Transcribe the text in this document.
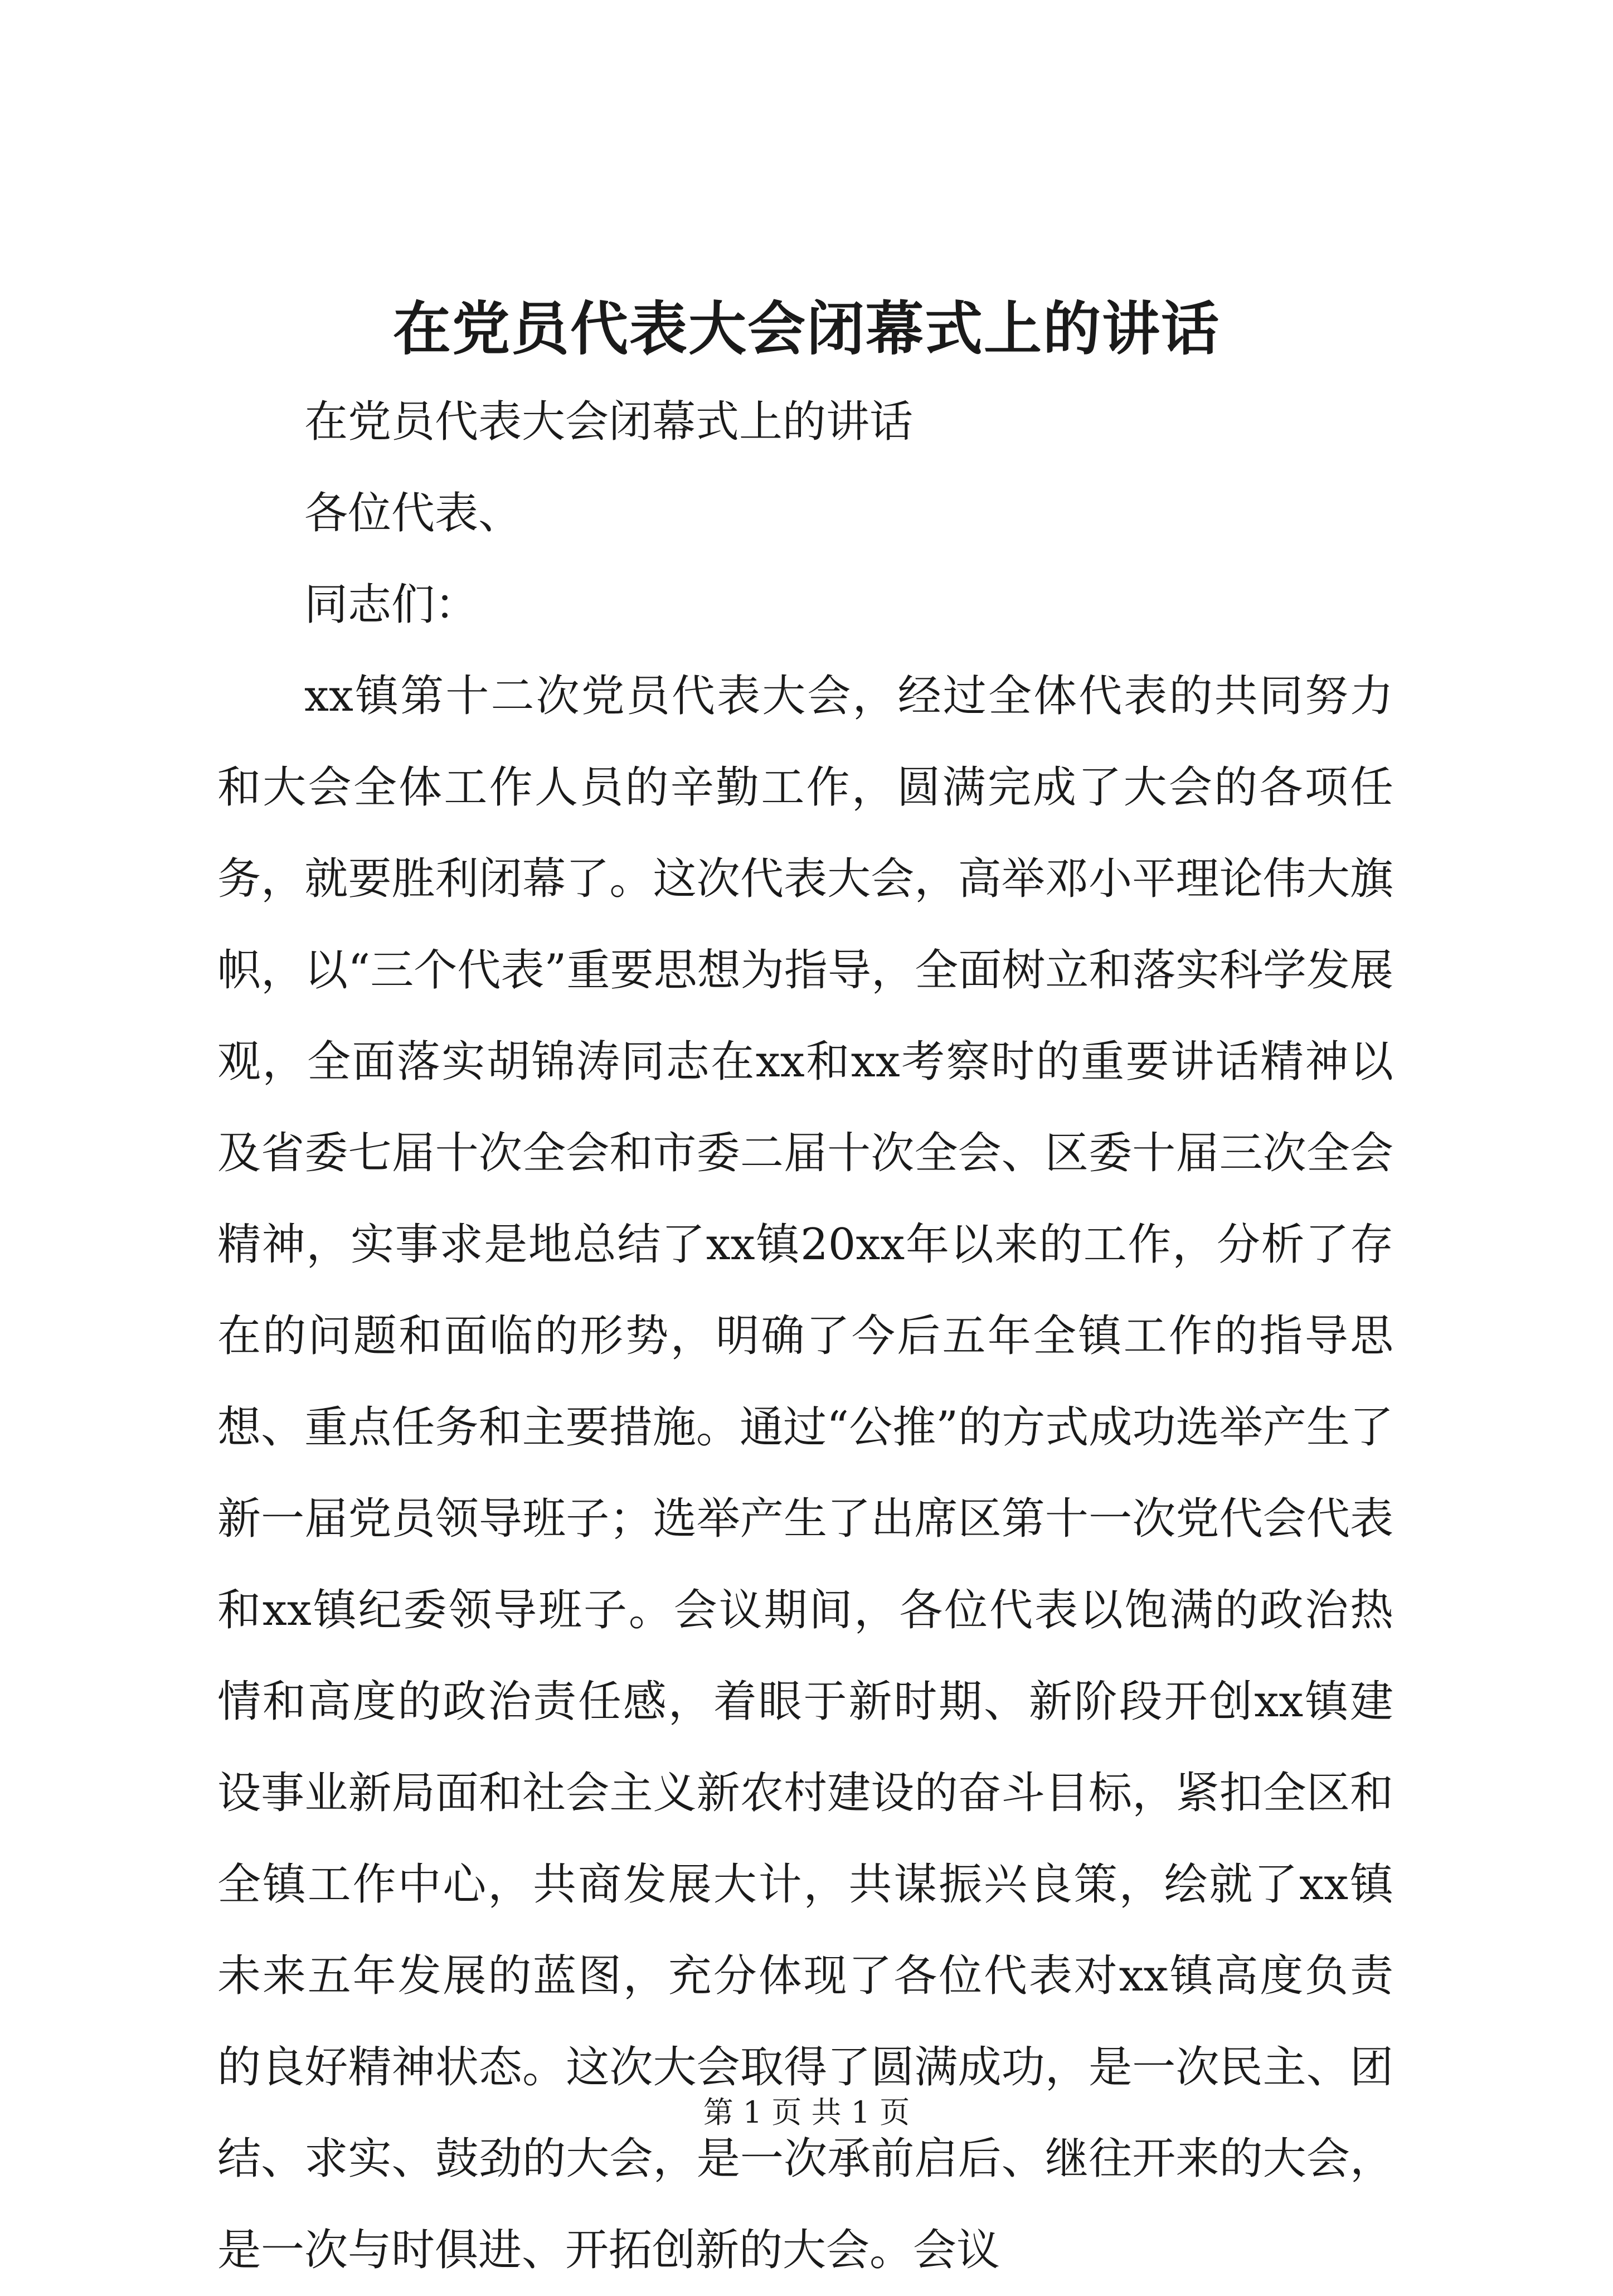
在党员代表大会闭幕式上的讲话

在党员代表大会闭幕式上的讲话

各位代表、

同志们：

xx镇第十二次党员代表大会，经过全体代表的共同努力和大会全体工作人员的辛勤工作，圆满完成了大会的各项任务，就要胜利闭幕了。这次代表大会，高举邓小平理论伟大旗帜，以“三个代表”重要思想为指导，全面树立和落实科学发展观，全面落实胡锦涛同志在xx和xx考察时的重要讲话精神以及省委七届十次全会和市委二届十次全会、区委十届三次全会精神，实事求是地总结了xx镇20xx年以来的工作，分析了存在的问题和面临的形势，明确了今后五年全镇工作的指导思想、重点任务和主要措施。通过“公推”的方式成功选举产生了新一届党员领导班子；选举产生了出席区第十一次党代会代表和xx镇纪委领导班子。会议期间，各位代表以饱满的政治热情和高度的政治责任感，着眼于新时期、新阶段开创xx镇建设事业新局面和社会主义新农村建设的奋斗目标，紧扣全区和全镇工作中心，共商发展大计，共谋振兴良策，绘就了xx镇未来五年发展的蓝图，充分体现了各位代表对xx镇高度负责的良好精神状态。这次大会取得了圆满成功，是一次民主、团结、求实、鼓劲的大会，是一次承前启后、继往开来的大会，是一次与时俱进、开拓创新的大会。会议

第 1 页 共 1 页
